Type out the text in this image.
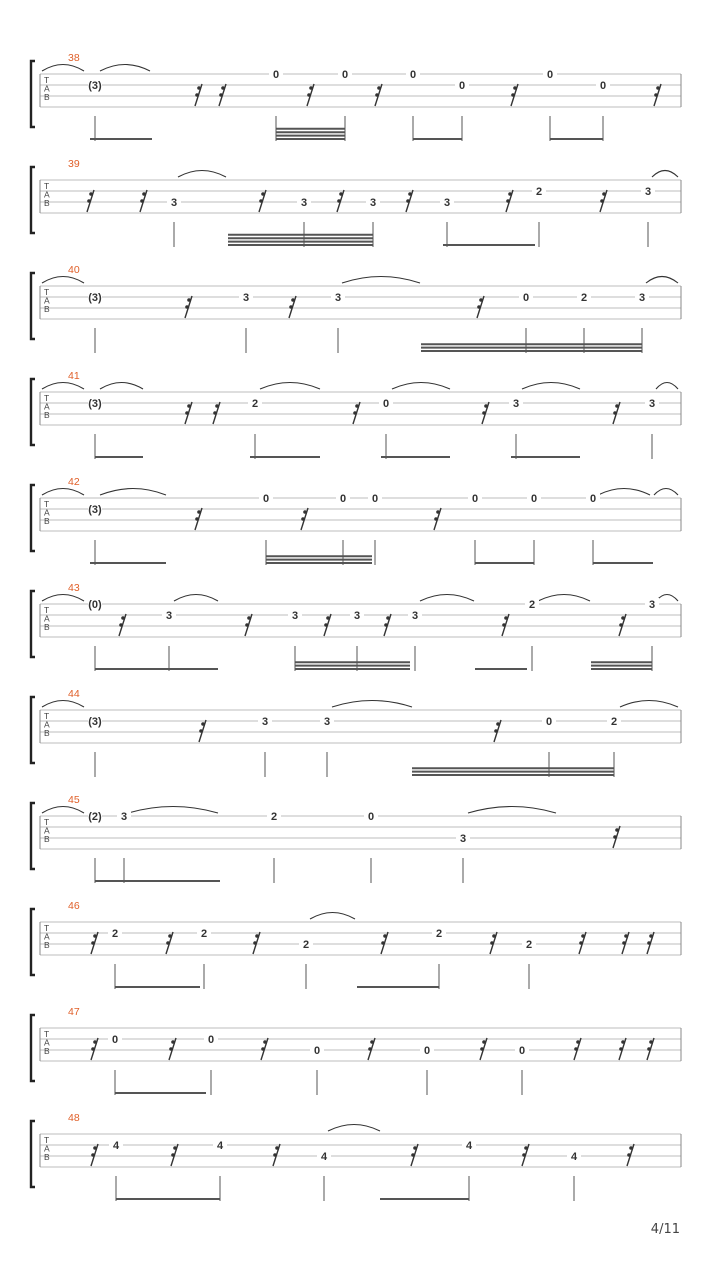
T
A
B
38
(3)
0	0	0
0
0
0
T
A
B
39
3	3	3	3
2	3
T
A
B
40
(3)	3	3	0	2	3
T
A
B
41
(3)	2	0	3	3
T
A
B
42
(3)
0	0 0	0	0	0
T
A
B
43
(0)
3	3	3	3
2	3
T
A
B
44
(3)	3	3	0	2
T
A
B
45
(2) 3	2	0
3
T
A
B
46
2	2
2
2
2
T
A
B
47
0	0
0	0	0
T
A
B
48
4	4
4
4
4
4/11
